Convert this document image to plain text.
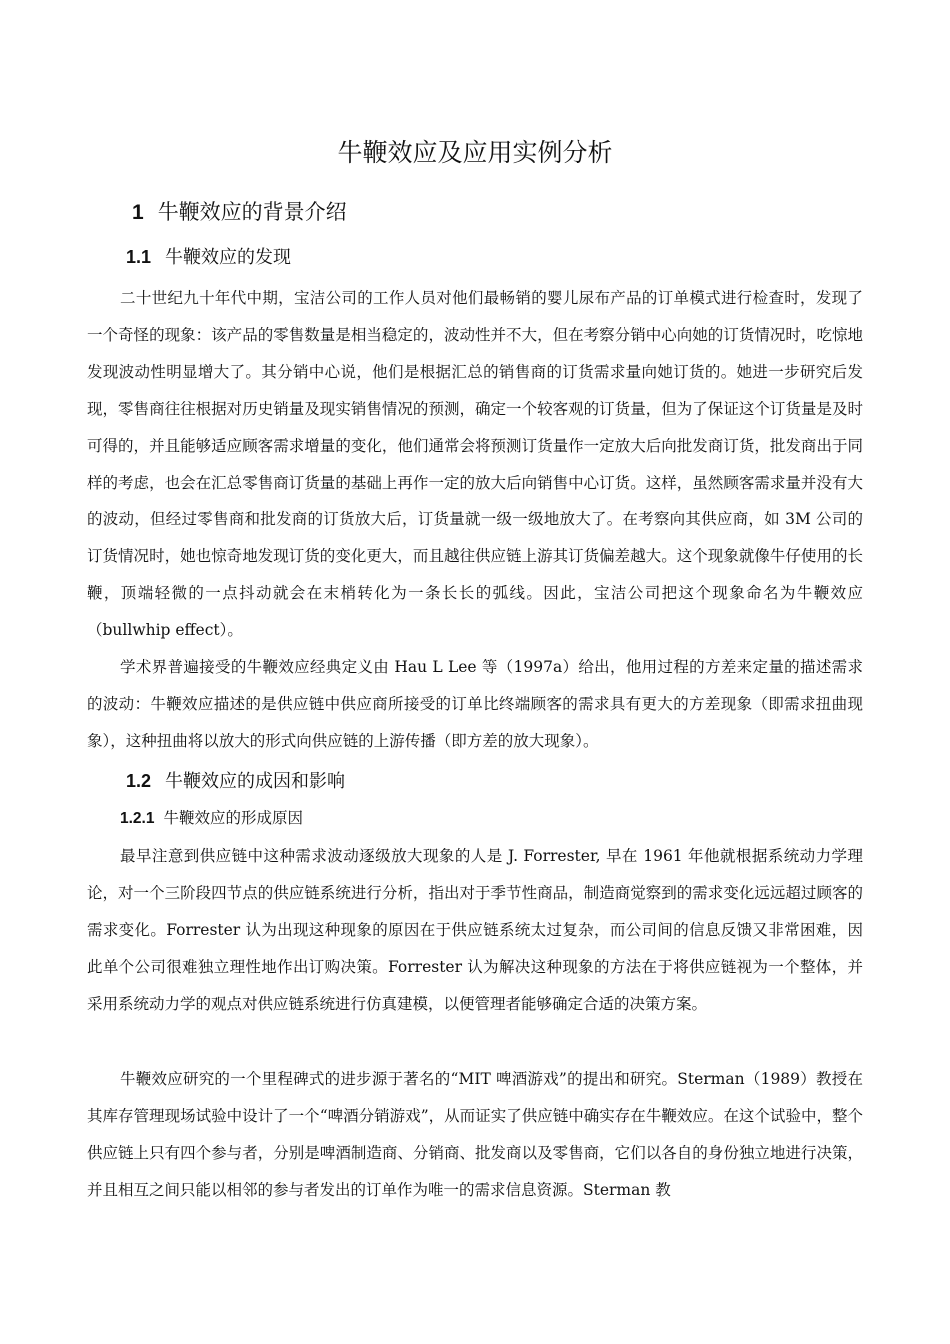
牛鞭效应及应用实例分析
1 牛鞭效应的背景介绍
1.1 牛鞭效应的发现

二十世纪九十年代中期，宝洁公司的工作人员对他们最畅销的婴儿尿布产品的订单模式进行检查时，发现了一个奇怪的现象：该产品的零售数量是相当稳定的，波动性并不大，但在考察分销中心向她的订货情况时，吃惊地发现波动性明显增大了。其分销中心说，他们是根据汇总的销售商的订货需求量向她订货的。她进一步研究后发现，零售商往往根据对历史销量及现实销售情况的预测，确定一个较客观的订货量，但为了保证这个订货量是及时可得的，并且能够适应顾客需求增量的变化，他们通常会将预测订货量作一定放大后向批发商订货，批发商出于同样的考虑，也会在汇总零售商订货量的基础上再作一定的放大后向销售中心订货。这样，虽然顾客需求量并没有大的波动，但经过零售商和批发商的订货放大后，订货量就一级一级地放大了。在考察向其供应商，如 3M 公司的订货情况时，她也惊奇地发现订货的变化更大，而且越往供应链上游其订货偏差越大。这个现象就像牛仔使用的长鞭，顶端轻微的一点抖动就会在末梢转化为一条长长的弧线。因此，宝洁公司把这个现象命名为牛鞭效应（bullwhip effect）。

学术界普遍接受的牛鞭效应经典定义由 Hau L Lee 等（1997a）给出，他用过程的方差来定量的描述需求的波动：牛鞭效应描述的是供应链中供应商所接受的订单比终端顾客的需求具有更大的方差现象（即需求扭曲现象），这种扭曲将以放大的形式向供应链的上游传播（即方差的放大现象）。

1.2 牛鞭效应的成因和影响
1.2.1 牛鞭效应的形成原因

最早注意到供应链中这种需求波动逐级放大现象的人是 J. Forrester, 早在 1961 年他就根据系统动力学理论，对一个三阶段四节点的供应链系统进行分析，指出对于季节性商品，制造商觉察到的需求变化远远超过顾客的需求变化。Forrester 认为出现这种现象的原因在于供应链系统太过复杂，而公司间的信息反馈又非常困难，因此单个公司很难独立理性地作出订购决策。Forrester 认为解决这种现象的方法在于将供应链视为一个整体，并采用系统动力学的观点对供应链系统进行仿真建模，以便管理者能够确定合适的决策方案。

牛鞭效应研究的一个里程碑式的进步源于著名的“MIT 啤酒游戏”的提出和研究。Sterman（1989）教授在其库存管理现场试验中设计了一个“啤酒分销游戏”，从而证实了供应链中确实存在牛鞭效应。在这个试验中，整个供应链上只有四个参与者，分别是啤酒制造商、分销商、批发商以及零售商，它们以各自的身份独立地进行决策，并且相互之间只能以相邻的参与者发出的订单作为唯一的需求信息资源。Sterman 教
